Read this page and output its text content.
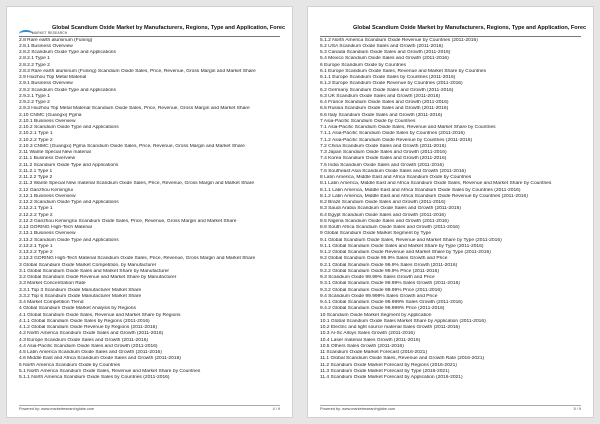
MARKET RESEARCH
Global Scandium Oxide Market by Manufacturers, Regions, Type and Application, Forec
2.8 Rare earth aluminum (Funing)
2.8.1 Business Overview
2.8.2 Scandium Oxide Type and Applications
2.8.2.1 Type 1
2.8.2.2 Type 2
2.8.3 Rare earth aluminum (Funing) Scandium Oxide Sales, Price, Revenue, Gross Margin and Market Share
2.9 Huizhou Top Metal Material
2.9.1 Business Overview
2.9.2 Scandium Oxide Type and Applications
2.9.2.1 Type 1
2.9.2.2 Type 2
2.9.3 Huizhou Top Metal Material Scandium Oxide Sales, Price, Revenue, Gross Margin and Market Share
2.10 CNMC (Guangxi) Pgma
2.10.1 Business Overview
2.10.2 Scandium Oxide Type and Applications
2.10.2.1 Type 1
2.10.2.2 Type 2
2.10.3 CNMC (Guangxi) Pgma Scandium Oxide Sales, Price, Revenue, Gross Margin and Market Share
2.11 Wante Special New material
2.11.1 Business Overview
2.11.2 Scandium Oxide Type and Applications
2.11.2.1 Type 1
2.11.2.2 Type 2
2.11.3 Wante Special New material Scandium Oxide Sales, Price, Revenue, Gross Margin and Market Share
2.12 Ganzhou Kemingrui
2.12.1 Business Overview
2.12.2 Scandium Oxide Type and Applications
2.12.2.1 Type 1
2.12.2.2 Type 2
2.12.3 Ganzhou Kemingrui Scandium Oxide Sales, Price, Revenue, Gross Margin and Market Share
2.13 GORING High-Tech Material
2.13.1 Business Overview
2.13.2 Scandium Oxide Type and Applications
2.13.2.1 Type 1
2.13.2.2 Type 2
2.13.3 GORING High-Tech Material Scandium Oxide Sales, Price, Revenue, Gross Margin and Market Share
3 Global Scandium Oxide Market Competition, by Manufacturer
3.1 Global Scandium Oxide Sales and Market Share by Manufacturer
3.2 Global Scandium Oxide Revenue and Market Share by Manufacturer
3.3 Market Concentration Rate
3.3.1 Top 3 Scandium Oxide Manufacturer Market Share
3.3.2 Top 6 Scandium Oxide Manufacturer Market Share
3.4 Market Competition Trend
4 Global Scandium Oxide Market Analysis by Regions
4.1 Global Scandium Oxide Sales, Revenue and Market Share by Regions
4.1.1 Global Scandium Oxide Sales by Regions (2011-2016)
4.1.2 Global Scandium Oxide Revenue by Regions (2011-2016)
4.2 North America Scandium Oxide Sales and Growth (2011-2016)
4.3 Europe Scandium Oxide Sales and Growth (2011-2016)
4.4 Asia-Pacific Scandium Oxide Sales and Growth (2011-2016)
4.5 Latin America Scandium Oxide Sales and Growth (2011-2016)
4.6 Middle East and Africa Scandium Oxide Sales and Growth (2011-2016)
5 North America Scandium Oxide by Countries
5.1 North America Scandium Oxide Sales, Revenue and Market Share by Countries
5.1.1 North America Scandium Oxide Sales by Countries (2011-2016)
Powered by: www.marketresearchglobe.com	4 / 9
Global Scandium Oxide Market by Manufacturers, Regions, Type and Application, Forec
5.1.2 North America Scandium Oxide Revenue by Countries (2011-2016)
5.2 USA Scandium Oxide Sales and Growth (2011-2016)
5.3 Canada Scandium Oxide Sales and Growth (2011-2016)
5.4 Mexico Scandium Oxide Sales and Growth (2011-2016)
6 Europe Scandium Oxide by Countries
6.1 Europe Scandium Oxide Sales, Revenue and Market Share by Countries
6.1.1 Europe Scandium Oxide Sales by Countries (2011-2016)
6.1.2 Europe Scandium Oxide Revenue by Countries (2011-2016)
6.2 Germany Scandium Oxide Sales and Growth (2011-2016)
6.3 UK Scandium Oxide Sales and Growth (2011-2016)
6.4 France Scandium Oxide Sales and Growth (2011-2016)
6.5 Russia Scandium Oxide Sales and Growth (2011-2016)
6.6 Italy Scandium Oxide Sales and Growth (2011-2016)
7 Asia-Pacific Scandium Oxide by Countries
7.1 Asia-Pacific Scandium Oxide Sales, Revenue and Market Share by Countries
7.1.1 Asia-Pacific Scandium Oxide Sales by Countries (2011-2016)
7.1.2 Asia-Pacific Scandium Oxide Revenue by Countries (2011-2016)
7.2 China Scandium Oxide Sales and Growth (2011-2016)
7.3 Japan Scandium Oxide Sales and Growth (2011-2016)
7.4 Korea Scandium Oxide Sales and Growth (2011-2016)
7.5 India Scandium Oxide Sales and Growth (2011-2016)
7.6 Southeast Asia Scandium Oxide Sales and Growth (2011-2016)
8 Latin America, Middle East and Africa Scandium Oxide by Countries
8.1 Latin America, Middle East and Africa Scandium Oxide Sales, Revenue and Market Share by Countries
8.1.1 Latin America, Middle East and Africa Scandium Oxide Sales by Countries (2011-2016)
8.1.2 Latin America, Middle East and Africa Scandium Oxide Revenue by Countries (2011-2016)
8.2 Brazil Scandium Oxide Sales and Growth (2011-2016)
8.3 Saudi Arabia Scandium Oxide Sales and Growth (2011-2016)
8.4 Egypt Scandium Oxide Sales and Growth (2011-2016)
8.5 Nigeria Scandium Oxide Sales and Growth (2011-2016)
8.6 South Africa Scandium Oxide Sales and Growth (2011-2016)
9 Global Scandium Oxide Market Segment by Type
9.1 Global Scandium Oxide Sales, Revenue and Market Share by Type (2011-2016)
9.1.1 Global Scandium Oxide Sales and Market Share by Type (2011-2016)
9.1.2 Global Scandium Oxide Revenue and Market Share by Type (2011-2016)
9.2 Global Scandium Oxide 99.9% Sales Growth and Price
9.2.1 Global Scandium Oxide 99.9% Sales Growth (2011-2016)
9.2.2 Global Scandium Oxide 99.9% Price (2011-2016)
9.3 Scandium Oxide 99.99% Sales Growth and Price
9.3.1 Global Scandium Oxide 99.99% Sales Growth (2011-2016)
9.3.2 Global Scandium Oxide 99.99% Price (2011-2016)
9.4 Scandium Oxide 99.999% Sales Growth and Price
9.4.1 Global Scandium Oxide 99.999% Sales Growth (2011-2016)
9.4.2 Global Scandium Oxide 99.999% Price (2011-2016)
10 Scandium Oxide Market Segment by Application
10.1 Global Scandium Oxide Sales Market Share by Application (2011-2016)
10.2 Electric and light source material Sales Growth (2011-2016)
10.3 Al-Sc Alloys Sales Growth (2011-2016)
10.4 Laser material Sales Growth (2011-2016)
10.5 Others Sales Growth (2011-2016)
11 Scandium Oxide Market Forecast (2016-2021)
11.1 Global Scandium Oxide Sales, Revenue and Growth Rate (2016-2021)
11.2 Scandium Oxide Market Forecast by Regions (2016-2021)
11.3 Scandium Oxide Market Forecast by Type (2016-2021)
11.4 Scandium Oxide Market Forecast by Application (2016-2021)
Powered by: www.marketresearchglobe.com	5 / 9
